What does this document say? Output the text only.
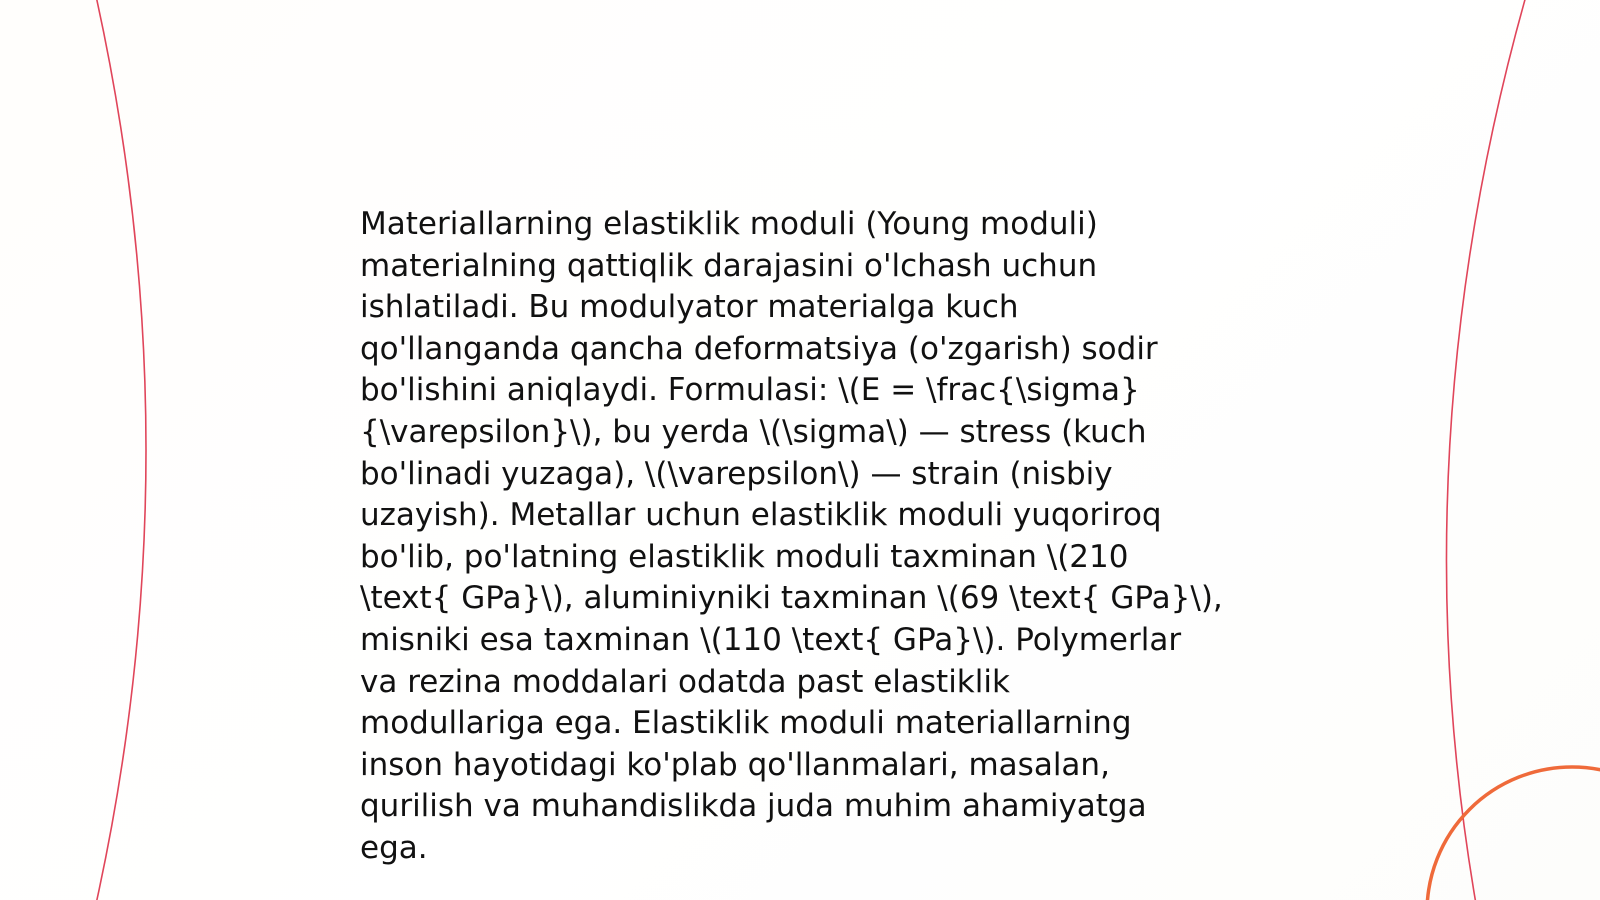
Materiallarning elastiklik moduli (Young moduli)
materialning qattiqlik darajasini o'lchash uchun
ishlatiladi. Bu modulyator materialga kuch
qo'llanganda qancha deformatsiya (o'zgarish) sodir
bo'lishini aniqlaydi. Formulasi: \(E = \frac{\sigma}
{\varepsilon}\), bu yerda \(\sigma\) — stress (kuch
bo'linadi yuzaga), \(\varepsilon\) — strain (nisbiy
uzayish). Metallar uchun elastiklik moduli yuqoriroq
bo'lib, po'latning elastiklik moduli taxminan \(210
\text{ GPa}\), aluminiyniki taxminan \(69 \text{ GPa}\),
misniki esa taxminan \(110 \text{ GPa}\). Polymerlar
va rezina moddalari odatda past elastiklik
modullariga ega. Elastiklik moduli materiallarning
inson hayotidagi ko'plab qo'llanmalari, masalan,
qurilish va muhandislikda juda muhim ahamiyatga
ega.
